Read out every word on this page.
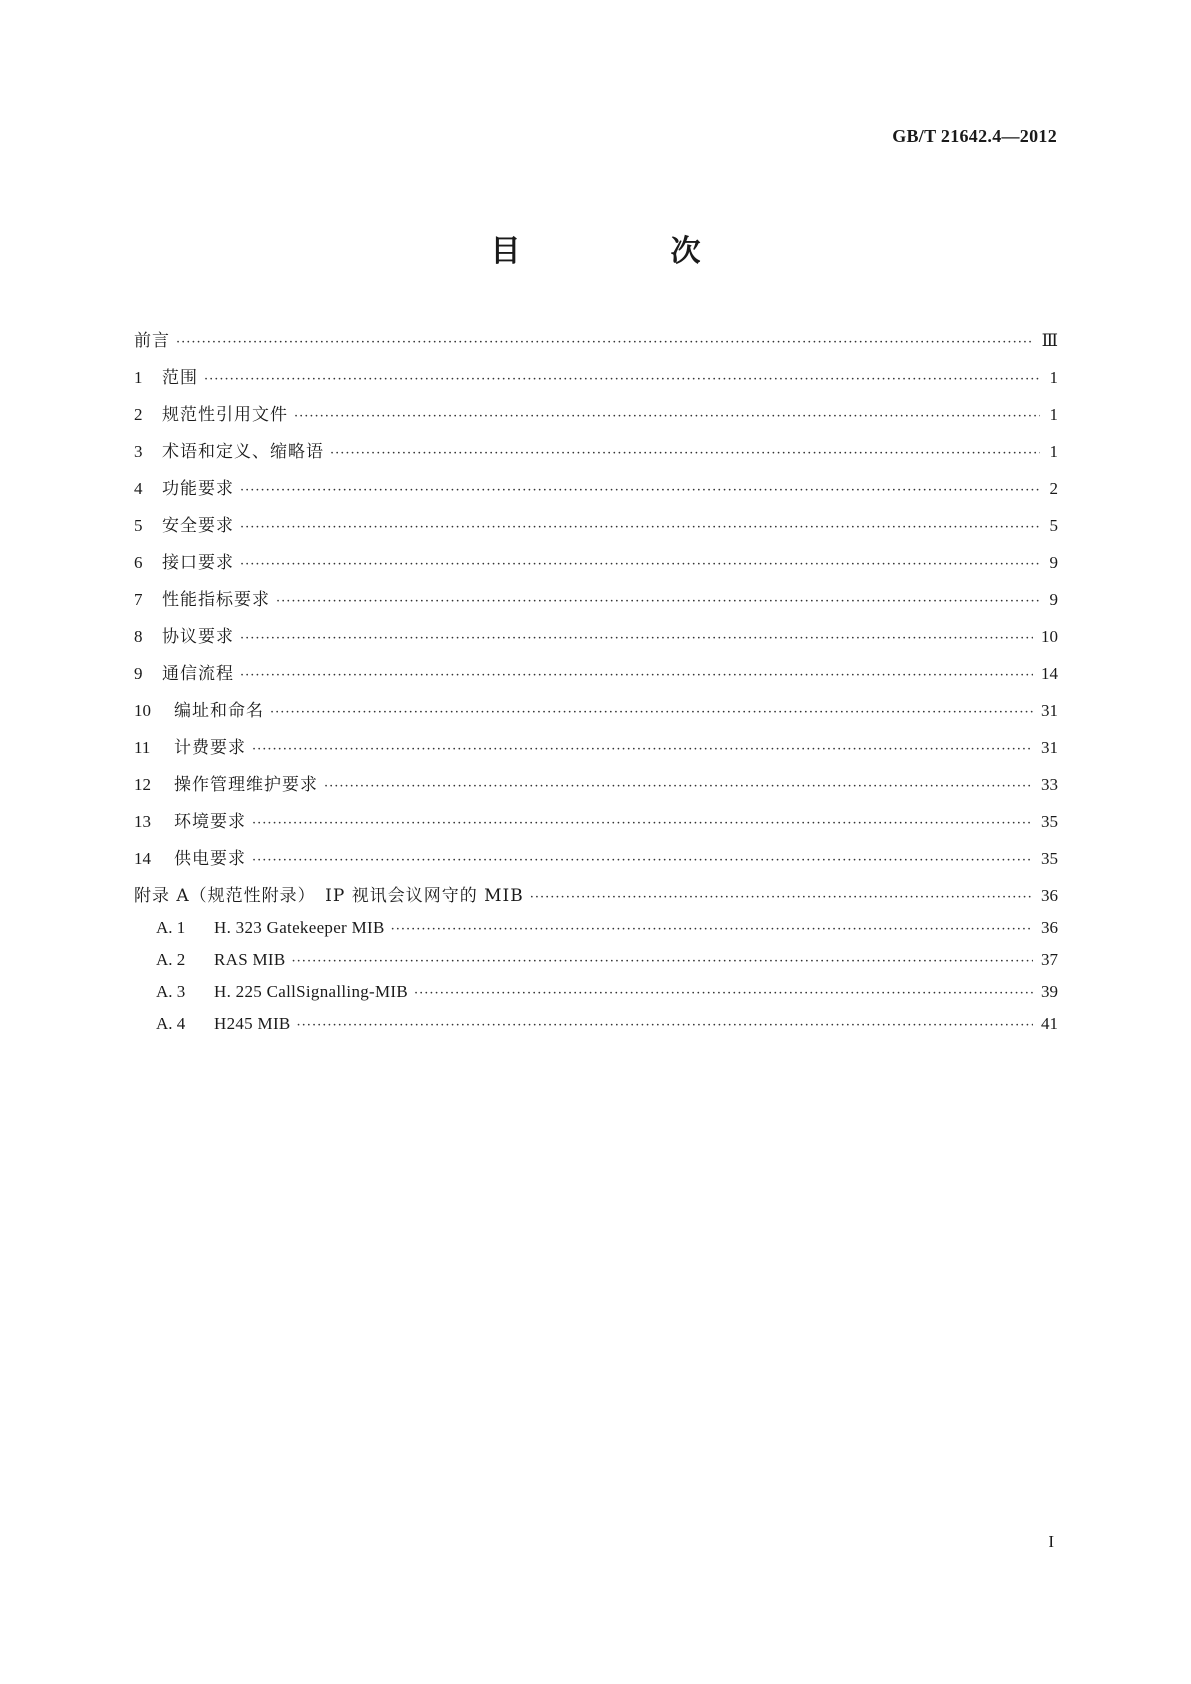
GB/T 21642.4—2012
目　次
前言 ·····	Ⅲ
1	范围 ·····	1
2	规范性引用文件 ·····	1
3	术语和定义、缩略语 ·····	1
4	功能要求 ·····	2
5	安全要求 ·····	5
6	接口要求 ·····	9
7	性能指标要求 ·····	9
8	协议要求 ·····	10
9	通信流程 ·····	14
10	编址和命名 ·····	31
11	计费要求 ·····	31
12	操作管理维护要求 ·····	33
13	环境要求 ·····	35
14	供电要求 ·····	35
附录 A（规范性附录）　IP 视讯会议网守的 MIB ·····	36
A. 1	H. 323 Gatekeeper MIB ·····	36
A. 2	RAS MIB ·····	37
A. 3	H. 225 CallSignalling-MIB ·····	39
A. 4	H245 MIB ·····	41
I
